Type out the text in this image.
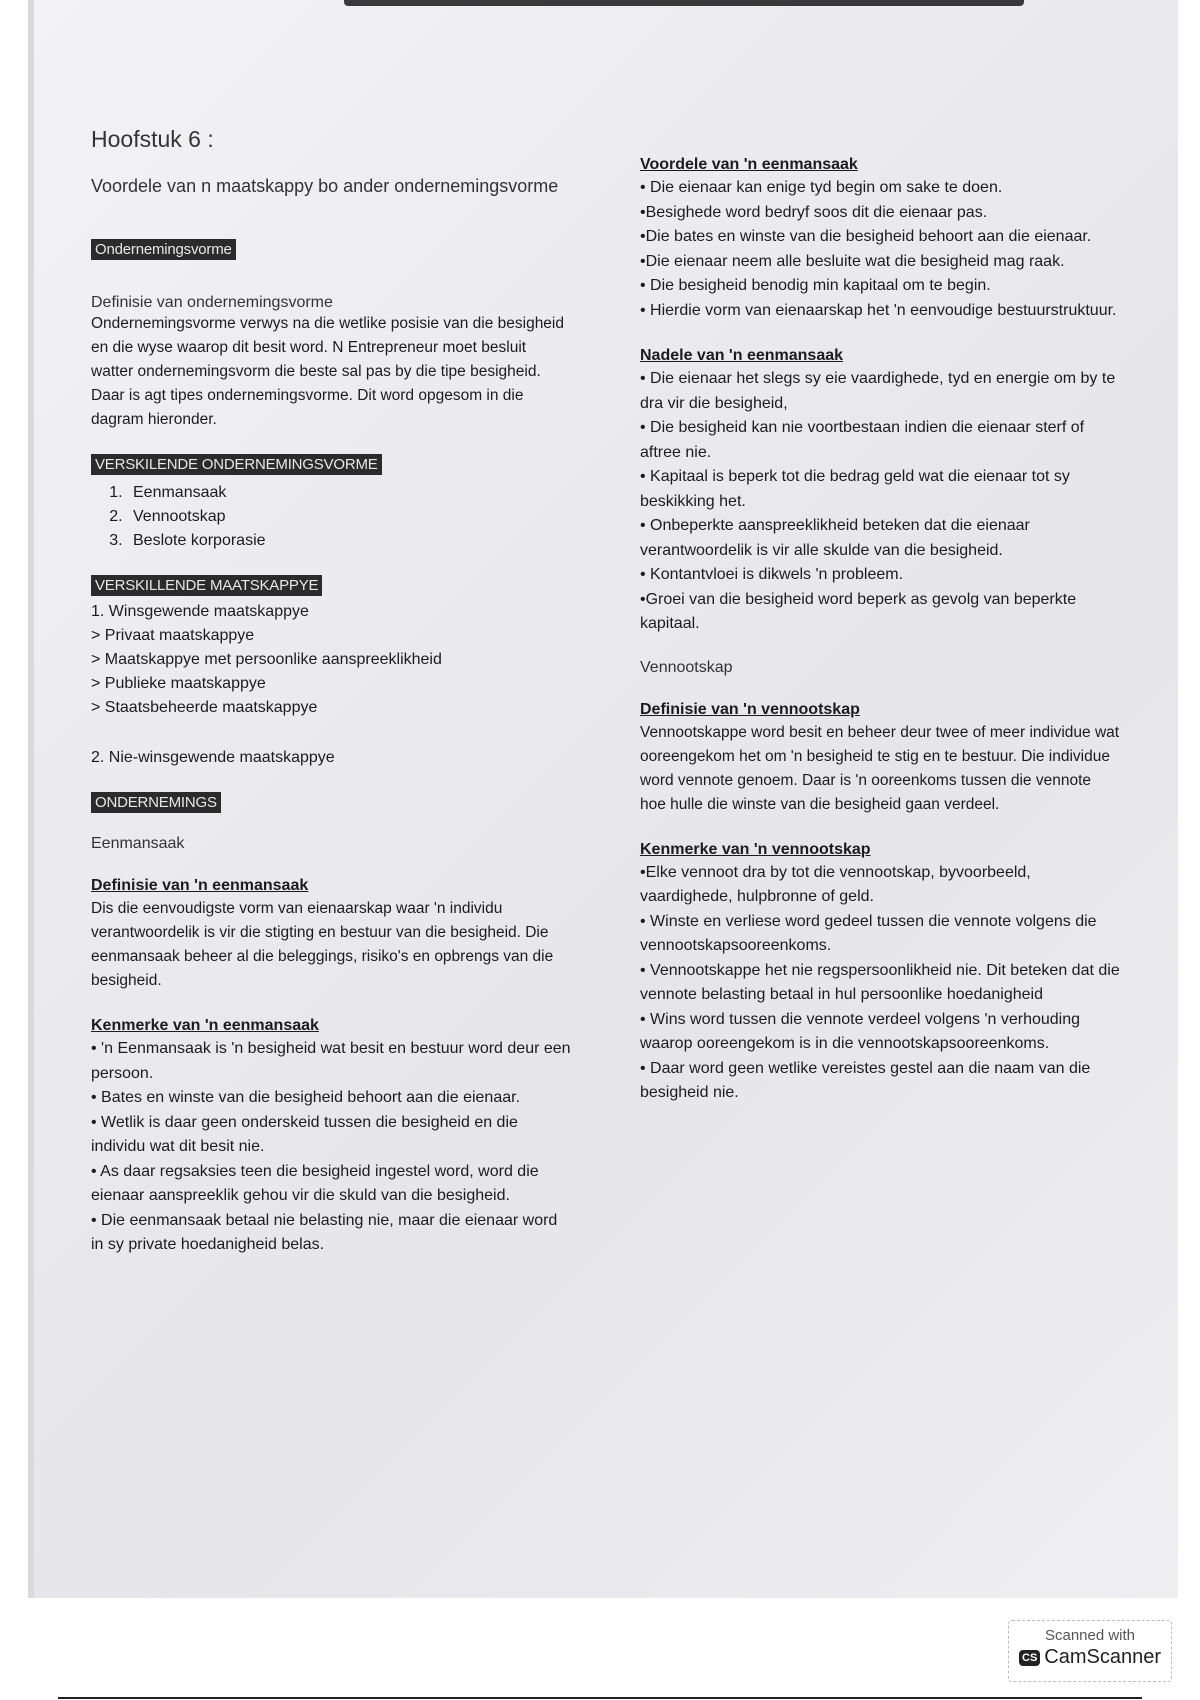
Hoofstuk 6 :

Voordele van n maatskappy bo ander ondernemingsvorme

Ondernemingsvorme

Definisie van ondernemingsvorme

Ondernemingsvorme verwys na die wetlike posisie van die besigheid en die wyse waarop dit besit word. N Entrepreneur moet besluit watter ondernemingsvorm die beste sal pas by die tipe besigheid. Daar is agt tipes ondernemingsvorme. Dit word opgesom in die dagram hieronder.

VERSKILENDE ONDERNEMINGSVORME
1. Eenmansaak
2. Vennootskap
3. Beslote korporasie
VERSKILLENDE MAATSKAPPYE
1. Winsgewende maatskappye
> Privaat maatskappye
> Maatskappye met persoonlike aanspreeklikheid
> Publieke maatskappye
> Staatsbeheerde maatskappye
2. Nie-winsgewende maatskappye
ONDERNEMINGS

Eenmansaak

Definisie van 'n eenmansaak

Dis die eenvoudigste vorm van eienaarskap waar 'n individu verantwoordelik is vir die stigting en bestuur van die besigheid. Die eenmansaak beheer al die beleggings, risiko's en opbrengs van die besigheid.

Kenmerke van 'n eenmansaak

• 'n Eenmansaak is 'n besigheid wat besit en bestuur word deur een persoon.
• Bates en winste van die besigheid behoort aan die eienaar.
• Wetlik is daar geen onderskeid tussen die besigheid en die individu wat dit besit nie.
• As daar regsaksies teen die besigheid ingestel word, word die eienaar aanspreeklik gehou vir die skuld van die besigheid.
• Die eenmansaak betaal nie belasting nie, maar die eienaar word in sy private hoedanigheid belas.

Voordele van 'n eenmansaak

• Die eienaar kan enige tyd begin om sake te doen.
•Besighede word bedryf soos dit die eienaar pas.
•Die bates en winste van die besigheid behoort aan die eienaar.
•Die eienaar neem alle besluite wat die besigheid mag raak.
• Die besigheid benodig min kapitaal om te begin.
• Hierdie vorm van eienaarskap het 'n eenvoudige bestuurstruktuur.

Nadele van 'n eenmansaak

• Die eienaar het slegs sy eie vaardighede, tyd en energie om by te dra vir die besigheid,
• Die besigheid kan nie voortbestaan indien die eienaar sterf of aftree nie.
• Kapitaal is beperk tot die bedrag geld wat die eienaar tot sy beskikking het.
• Onbeperkte aanspreeklikheid beteken dat die eienaar verantwoordelik is vir alle skulde van die besigheid.
• Kontantvloei is dikwels 'n probleem.
•Groei van die besigheid word beperk as gevolg van beperkte kapitaal.

Vennootskap

Definisie van 'n vennootskap

Vennootskappe word besit en beheer deur twee of meer individue wat ooreengekom het om 'n besigheid te stig en te bestuur. Die individue word vennote genoem. Daar is 'n ooreenkoms tussen die vennote hoe hulle die winste van die besigheid gaan verdeel.

Kenmerke van 'n vennootskap

•Elke vennoot dra by tot die vennootskap, byvoorbeeld, vaardighede, hulpbronne of geld.
• Winste en verliese word gedeel tussen die vennote volgens die vennootskapsooreenkoms.
• Vennootskappe het nie regspersoonlikheid nie. Dit beteken dat die vennote belasting betaal in hul persoonlike hoedanigheid
• Wins word tussen die vennote verdeel volgens 'n verhouding waarop ooreengekom is in die vennootskapsooreenkoms.
• Daar word geen wetlike vereistes gestel aan die naam van die besigheid nie.
Scanned with
CS CamScanner
